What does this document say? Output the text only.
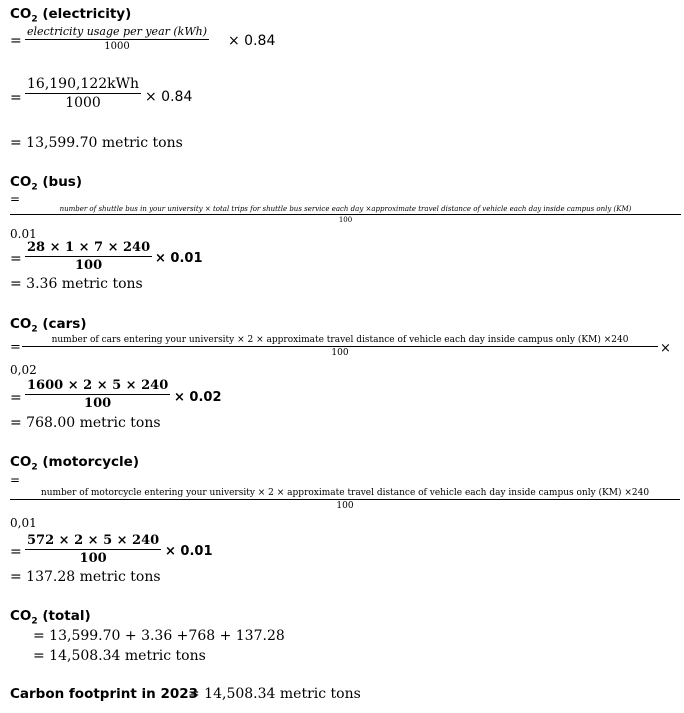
$CO_2$ (electricity)
=
electricity usage per year (kWh)
1000	× 0.84
=
16,190,122kWh
1000	× 0.84
= 13,599.70 metric tons
$CO_2$ (bus)
=
number of shuttle bus in your university × total trips for shuttle bus service each day ×approximate travel distance of vehicle each day inside campus only (KM)
100
0.01
= $\frac{28 \times 1 \times 7 \times 240}{100} \times 0.01$
= 3.36 metric tons
$CO_2$ (cars)
=	number of cars entering your university × 2 × approximate travel distance of vehicle each day inside campus only (KM) ×240
100	×
0,02
= $\frac{1600 \times 2 \times 5 \times 240}{100} \times 0.02$
= 768.00 metric tons
$CO_2$ (motorcycle)
=
number of motorcycle entering your university × 2 × approximate travel distance of vehicle each day inside campus only (KM) ×240
100
0,01
= $\frac{572 \times 2 \times 5 \times 240}{100} \times 0.01$
= 137.28 metric tons
$CO_2$ (total)
= 13,599.70 + 3.36 +768 + 137.28
= 14,508.34 metric tons
Carbon footprint in 2023
= 14,508.34 metric tons
